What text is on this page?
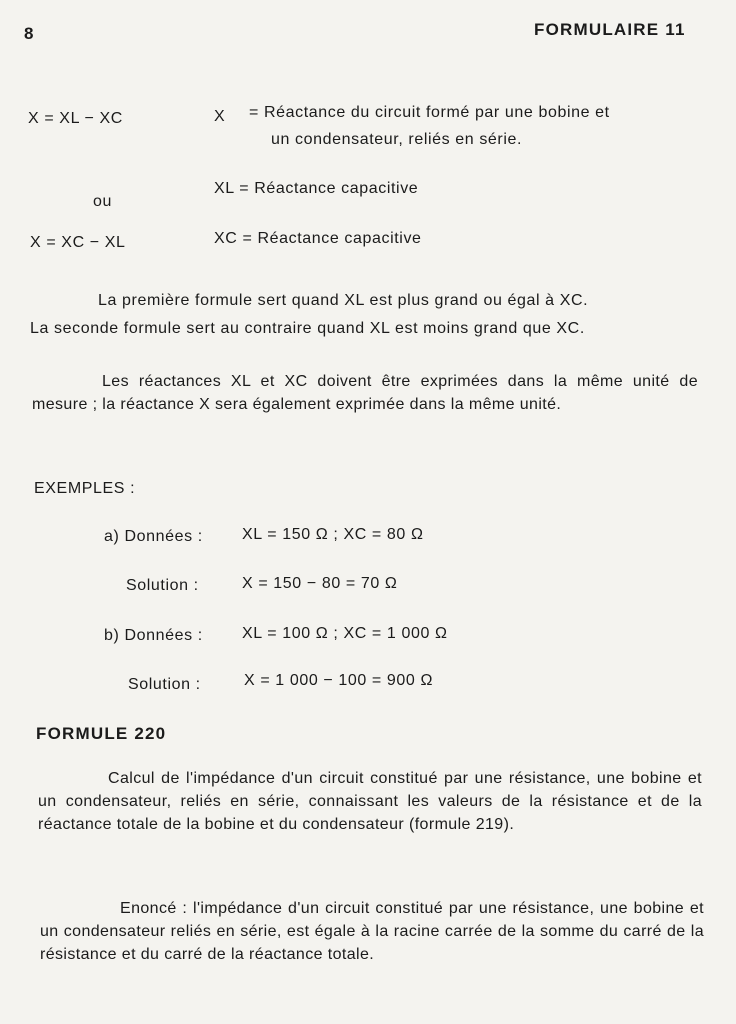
8	FORMULAIRE 11
X = XL − XC	X = Réactance du circuit formé par une bobine et
un condensateur, reliés en série.
XL = Réactance capacitive
ou
X = XC − XL	XC = Réactance capacitive
La première formule sert quand XL est plus grand ou égal à XC.
La seconde formule sert au contraire quand XL est moins grand que XC.

Les réactances XL et XC doivent être exprimées dans la même unité de mesure ; la réactance X sera également exprimée dans la même unité.

EXEMPLES :
a) Données : XL = 150 Ω ; XC = 80 Ω
Solution :	X = 150 − 80 = 70 Ω
b) Données : XL = 100 Ω ; XC = 1 000 Ω
Solution :	X = 1 000 − 100 = 900 Ω
FORMULE 220

Calcul de l'impédance d'un circuit constitué par une résistance, une bobine et un condensateur, reliés en série, connaissant les valeurs de la résistance et de la réactance totale de la bobine et du condensateur (formule 219).

Enoncé : l'impédance d'un circuit constitué par une résistance, une bobine et un condensateur reliés en série, est égale à la racine carrée de la somme du carré de la résistance et du carré de la réactance totale.
